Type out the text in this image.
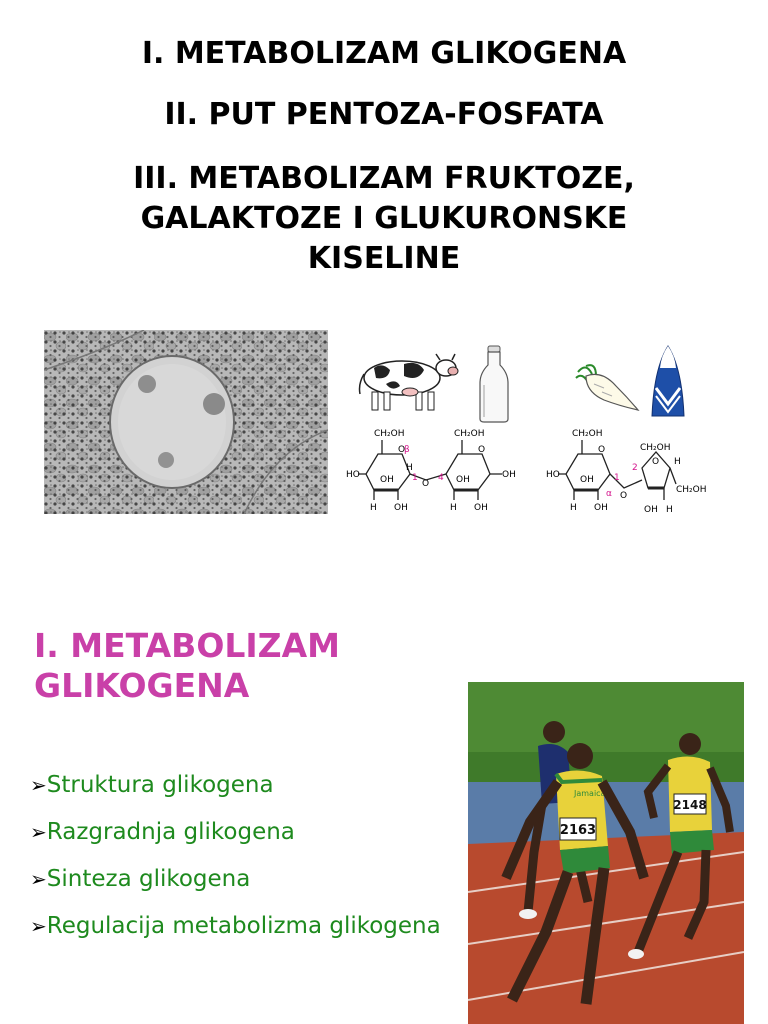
I. METABOLIZAM GLIKOGENA
II. PUT PENTOZA-FOSFATA
III. METABOLIZAM FRUKTOZE,
GALAKTOZE I GLUKURONSKE
KISELINE
CH₂OH	CH₂OH
O	O
HO
H
OH
O
OH	OH
H OH	H OH
β
1 4
CH₂OH
CH₂OH
CH₂OH
O
O
HO
O
OH
H
H OH	OH H
α
1
2
I. METABOLIZAM
GLIKOGENA
➢Struktura glikogena
➢Razgradnja glikogena
➢Sinteza glikogena
➢Regulacija metabolizma glikogena
2163
Jamaica
2148
